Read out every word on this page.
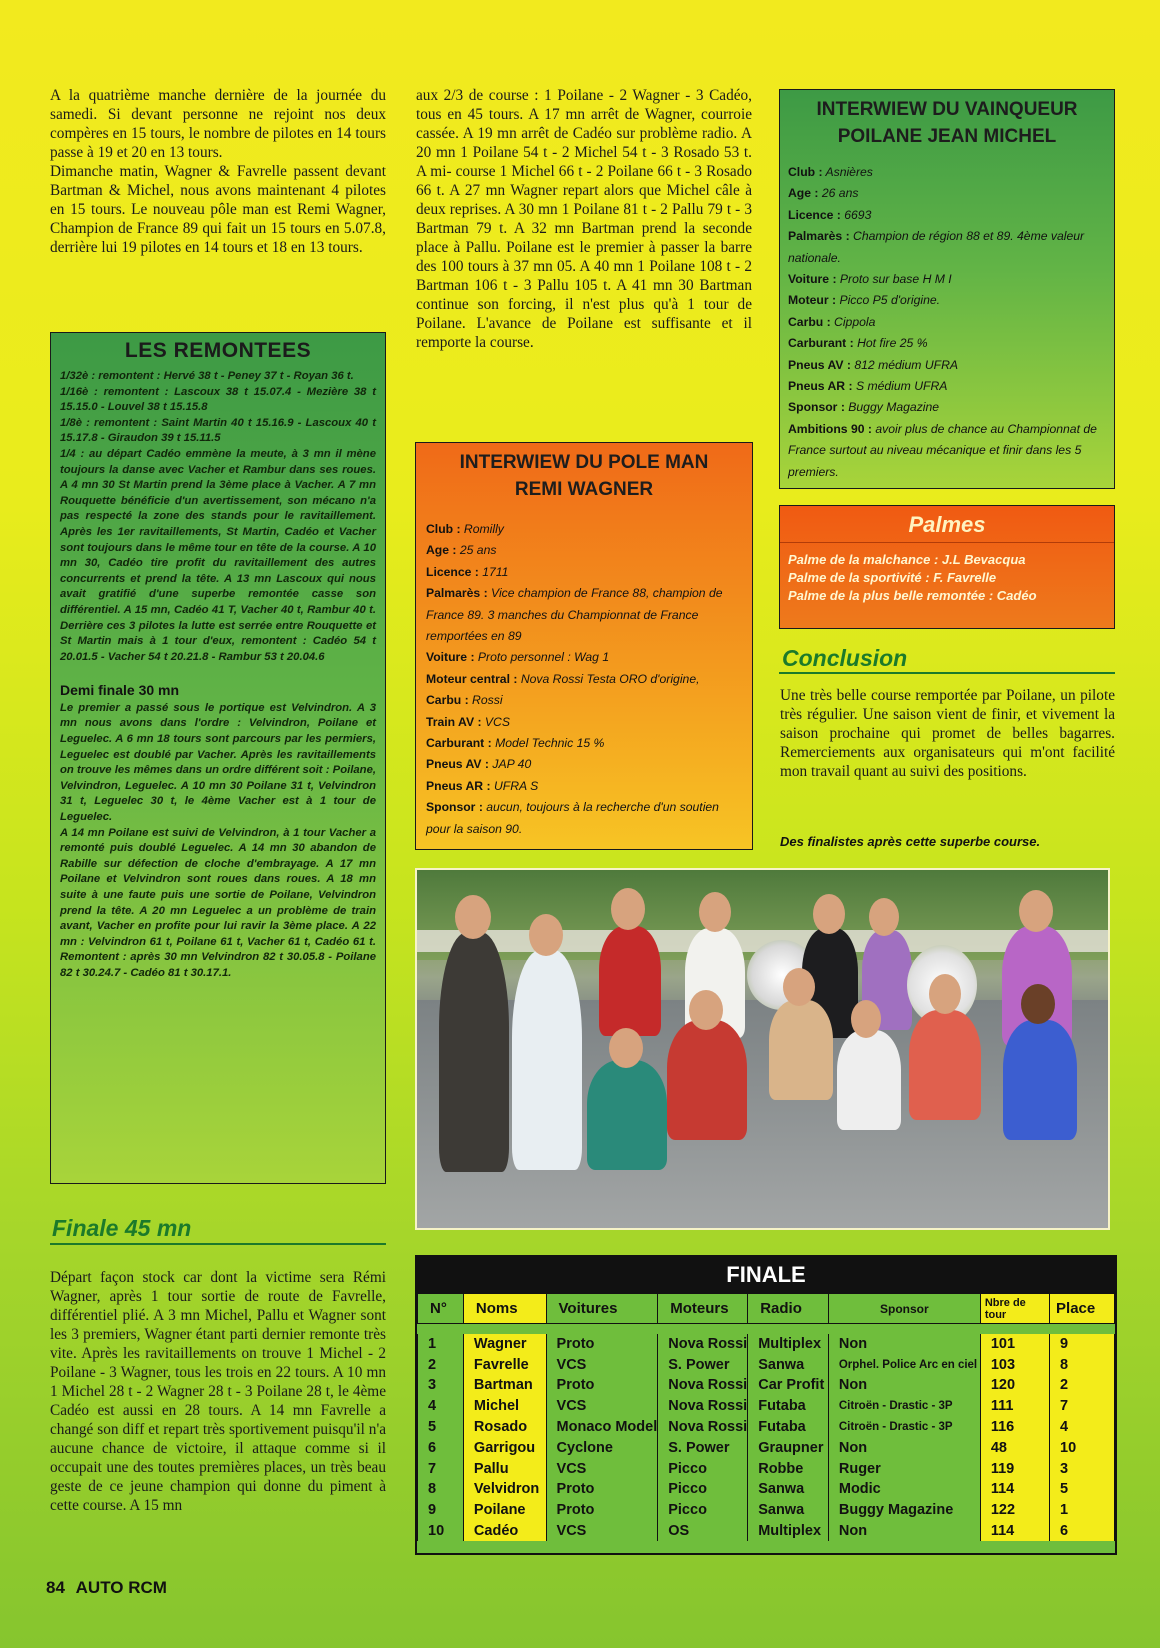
A la quatrième manche dernière de la journée du samedi. Si devant personne ne rejoint nos deux compères en 15 tours, le nombre de pilotes en 14 tours passe à 19 et 20 en 13 tours.
Dimanche matin, Wagner & Favrelle passent devant Bartman & Michel, nous avons maintenant 4 pilotes en 15 tours. Le nouveau pôle man est Remi Wagner, Champion de France 89 qui fait un 15 tours en 5.07.8, derrière lui 19 pilotes en 14 tours et 18 en 13 tours.
LES REMONTEES

1/32è : remontent : Hervé 38 t - Peney 37 t - Royan 36 t.

1/16è : remontent : Lascoux 38 t 15.07.4 - Mezière 38 t 15.15.0 - Louvel 38 t 15.15.8

1/8è : remontent : Saint Martin 40 t 15.16.9 - Lascoux 40 t 15.17.8 - Giraudon 39 t 15.11.5

1/4 : au départ Cadéo emmène la meute, à 3 mn il mène toujours la danse avec Vacher et Rambur dans ses roues. A 4 mn 30 St Martin prend la 3ème place à Vacher. A 7 mn Rouquette bénéficie d'un avertissement, son mécano n'a pas respecté la zone des stands pour le ravitaillement. Après les 1er ravitaillements, St Martin, Cadéo et Vacher sont toujours dans le même tour en tête de la course. A 10 mn 30, Cadéo tire profit du ravitaillement des autres concurrents et prend la tête. A 13 mn Lascoux qui nous avait gratifié d'une superbe remontée casse son différentiel. A 15 mn, Cadéo 41 T, Vacher 40 t, Rambur 40 t. Derrière ces 3 pilotes la lutte est serrée entre Rouquette et St Martin mais à 1 tour d'eux, remontent : Cadéo 54 t 20.01.5 - Vacher 54 t 20.21.8 - Rambur 53 t 20.04.6

Demi finale 30 mn

Le premier a passé sous le portique est Velvindron. A 3 mn nous avons dans l'ordre : Velvindron, Poilane et Leguelec. A 6 mn 18 tours sont parcours par les permiers, Leguelec est doublé par Vacher. Après les ravitaillements on trouve les mêmes dans un ordre différent soit : Poilane, Velvindron, Leguelec. A 10 mn 30 Poilane 31 t, Velvindron 31 t, Leguelec 30 t, le 4ème Vacher est à 1 tour de Leguelec.

A 14 mn Poilane est suivi de Velvindron, à 1 tour Vacher a remonté puis doublé Leguelec. A 14 mn 30 abandon de Rabille sur défection de cloche d'embrayage. A 17 mn Poilane et Velvindron sont roues dans roues. A 18 mn suite à une faute puis une sortie de Poilane, Velvindron prend la tête. A 20 mn Leguelec a un problème de train avant, Vacher en profite pour lui ravir la 3ème place. A 22 mn : Velvindron 61 t, Poilane 61 t, Vacher 61 t, Cadéo 61 t. Remontent : après 30 mn Velvindron 82 t 30.05.8 - Poilane 82 t 30.24.7 - Cadéo 81 t 30.17.1.

Finale 45 mn
Départ façon stock car dont la victime sera Rémi Wagner, après 1 tour sortie de route de Favrelle, différentiel plié. A 3 mn Michel, Pallu et Wagner sont les 3 premiers, Wagner étant parti dernier remonte très vite. Après les ravitaillements on trouve 1 Michel - 2 Poilane - 3 Wagner, tous les trois en 22 tours. A 10 mn 1 Michel 28 t - 2 Wagner 28 t - 3 Poilane 28 t, le 4ème Cadéo est aussi en 28 tours. A 14 mn Favrelle a changé son diff et repart très sportivement puisqu'il n'a aucune chance de victoire, il attaque comme si il occupait une des toutes premières places, un très beau geste de ce jeune champion qui donne du piment à cette course. A 15 mn
aux 2/3 de course : 1 Poilane - 2 Wagner - 3 Cadéo, tous en 45 tours. A 17 mn arrêt de Wagner, courroie cassée. A 19 mn arrêt de Cadéo sur problème radio. A 20 mn 1 Poilane 54 t - 2 Michel 54 t - 3 Rosado 53 t. A mi- course 1 Michel 66 t - 2 Poilane 66 t - 3 Rosado 66 t. A 27 mn Wagner repart alors que Michel câle à deux reprises. A 30 mn 1 Poilane 81 t - 2 Pallu 79 t - 3 Bartman 79 t. A 32 mn Bartman prend la seconde place à Pallu. Poilane est le premier à passer la barre des 100 tours à 37 mn 05. A 40 mn 1 Poilane 108 t - 2 Bartman 106 t - 3 Pallu 105 t. A 41 mn 30 Bartman continue son forcing, il n'est plus qu'à 1 tour de Poilane. L'avance de Poilane est suffisante et il remporte la course.
INTERWIEW DU POLE MAN
REMI WAGNER
Club : Romilly
Age : 25 ans
Licence : 1711
Palmarès : Vice champion de France 88, champion de France 89. 3 manches du Championnat de France remportées en 89
Voiture : Proto personnel : Wag 1
Moteur central : Nova Rossi Testa ORO d'origine,
Carbu : Rossi
Train AV : VCS
Carburant : Model Technic 15 %
Pneus AV : JAP 40
Pneus AR : UFRA S
Sponsor : aucun, toujours à la recherche d'un soutien pour la saison 90.
INTERWIEW DU VAINQUEUR
POILANE JEAN MICHEL
Club : Asnières
Age : 26 ans
Licence : 6693
Palmarès : Champion de région 88 et 89. 4ème valeur nationale.
Voiture : Proto sur base H M I
Moteur : Picco P5 d'origine.
Carbu : Cippola
Carburant : Hot fire 25 %
Pneus AV : 812 médium UFRA
Pneus AR : S médium UFRA
Sponsor : Buggy Magazine
Ambitions 90 : avoir plus de chance au Championnat de France surtout au niveau mécanique et finir dans les 5 premiers.
Palmes
Palme de la malchance : J.L Bevacqua
Palme de la sportivité : F. Favrelle
Palme de la plus belle remontée : Cadéo
Conclusion
Une très belle course remportée par Poilane, un pilote très régulier. Une saison vient de finir, et vivement la saison prochaine qui promet de belles bagarres. Remerciements aux organisateurs qui m'ont facilité mon travail quant au suivi des positions.
Des finalistes après cette superbe course.
FINALE
N°	Noms	Voitures	Moteurs	Radio	Sponsor	Nbre de tour	Place

1	Wagner	Proto	Nova Rossi	Multiplex	Non	101	9
2	Favrelle	VCS	S. Power	Sanwa	Orphel. Police Arc en ciel	103	8
3	Bartman	Proto	Nova Rossi	Car Profit	Non	120	2
4	Michel	VCS	Nova Rossi	Futaba	Citroën - Drastic - 3P	111	7
5	Rosado	Monaco Model	Nova Rossi	Futaba	Citroën - Drastic - 3P	116	4
6	Garrigou	Cyclone	S. Power	Graupner	Non	48	10
7	Pallu	VCS	Picco	Robbe	Ruger	119	3
8	Velvidron	Proto	Picco	Sanwa	Modic	114	5
9	Poilane	Proto	Picco	Sanwa	Buggy Magazine	122	1
10	Cadéo	VCS	OS	Multiplex	Non	114	6
84 AUTO RCM
